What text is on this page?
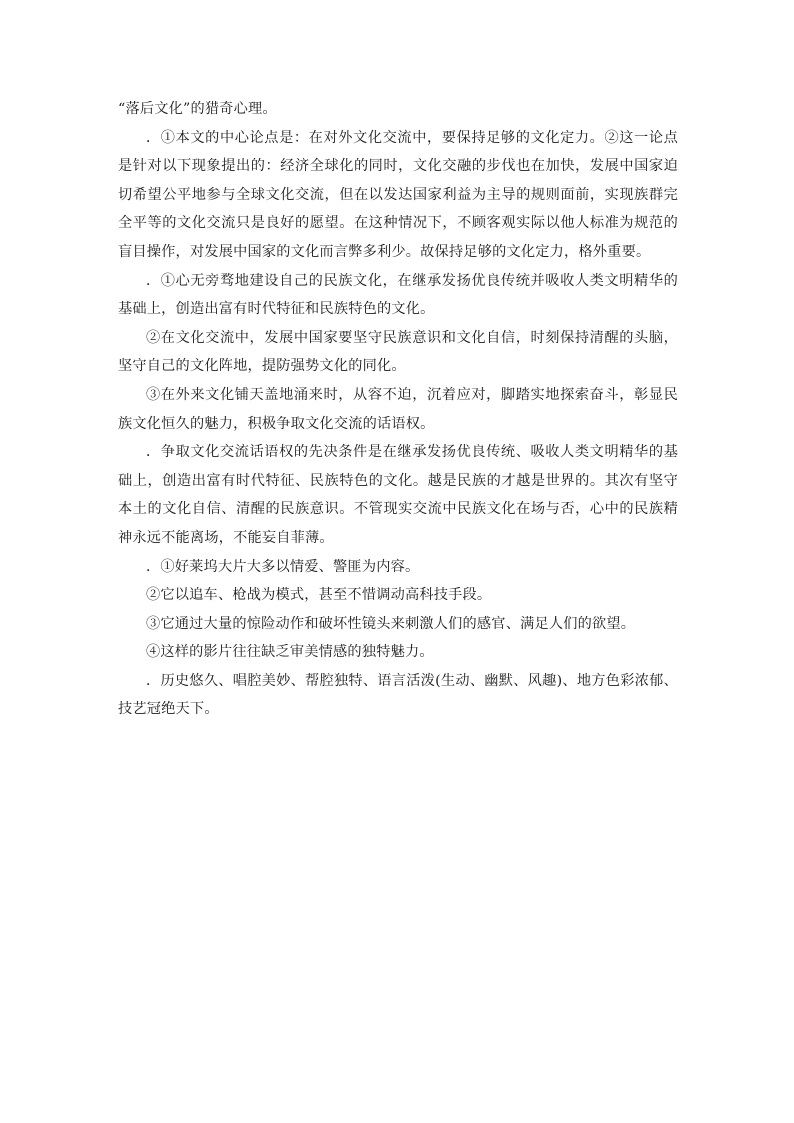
“落后文化”的猎奇心理。

．①本文的中心论点是：在对外文化交流中，要保持足够的文化定力。②这一论点是针对以下现象提出的：经济全球化的同时，文化交融的步伐也在加快，发展中国家迫切希望公平地参与全球文化交流，但在以发达国家利益为主导的规则面前，实现族群完全平等的文化交流只是良好的愿望。在这种情况下，不顾客观实际以他人标准为规范的盲目操作，对发展中国家的文化而言弊多利少。故保持足够的文化定力，格外重要。

．①心无旁骛地建设自己的民族文化，在继承发扬优良传统并吸收人类文明精华的基础上，创造出富有时代特征和民族特色的文化。

②在文化交流中，发展中国家要坚守民族意识和文化自信，时刻保持清醒的头脑，坚守自己的文化阵地，提防强势文化的同化。

③在外来文化铺天盖地涌来时，从容不迫，沉着应对，脚踏实地探索奋斗，彰显民族文化恒久的魅力，积极争取文化交流的话语权。

．争取文化交流话语权的先决条件是在继承发扬优良传统、吸收人类文明精华的基础上，创造出富有时代特征、民族特色的文化。越是民族的才越是世界的。其次有坚守本土的文化自信、清醒的民族意识。不管现实交流中民族文化在场与否，心中的民族精神永远不能离场，不能妄自菲薄。

．①好莱坞大片大多以情爱、警匪为内容。

②它以追车、枪战为模式，甚至不惜调动高科技手段。

③它通过大量的惊险动作和破坏性镜头来刺激人们的感官、满足人们的欲望。

④这样的影片往往缺乏审美情感的独特魅力。

．历史悠久、唱腔美妙、帮腔独特、语言活泼(生动、幽默、风趣)、地方色彩浓郁、技艺冠绝天下。
